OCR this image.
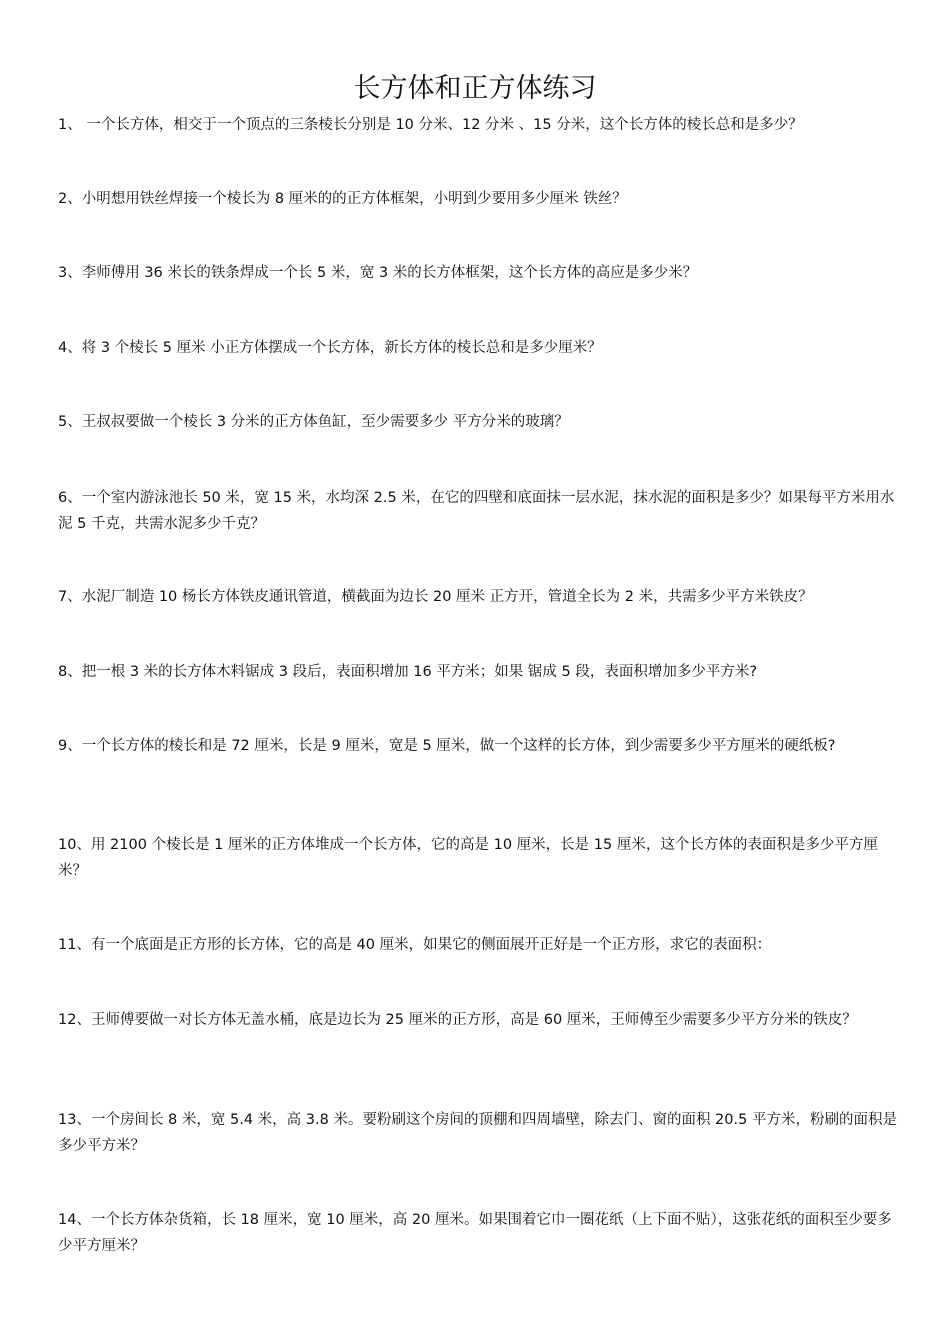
长方体和正方体练习
1、 一个长方体，相交于一个顶点的三条棱长分别是 10 分米、12 分米 、15 分米，这个长方体的棱长总和是多少？
2、小明想用铁丝焊接一个棱长为 8 厘米的的正方体框架，小明到少要用多少厘米 铁丝？
3、李师傅用 36 米长的铁条焊成一个长 5 米，宽 3 米的长方体框架，这个长方体的高应是多少米？
4、将 3 个棱长 5 厘米 小正方体摆成一个长方体，新长方体的棱长总和是多少厘米？
5、王叔叔要做一个棱长 3 分米的正方体鱼缸，至少需要多少 平方分米的玻璃？
6、一个室内游泳池长 50 米，宽 15 米，水均深 2.5 米，在它的四壁和底面抹一层水泥，抹水泥的面积是多少？如果每平方米用水泥 5 千克，共需水泥多少千克？
7、水泥厂制造 10 杨长方体铁皮通讯管道，横截面为边长 20 厘米 正方开，管道全长为 2 米，共需多少平方米铁皮？
8、把一根 3 米的长方体木料锯成 3 段后，表面积增加 16 平方米；如果 锯成 5 段，表面积增加多少平方米?
9、一个长方体的棱长和是 72 厘米，长是 9 厘米，宽是 5 厘米，做一个这样的长方体，到少需要多少平方厘米的硬纸板?
10、用 2100 个棱长是 1 厘米的正方体堆成一个长方体，它的高是 10 厘米，长是 15 厘米，这个长方体的表面积是多少平方厘米？
11、有一个底面是正方形的长方体，它的高是 40 厘米，如果它的侧面展开正好是一个正方形，求它的表面积：
12、王师傅要做一对长方体无盖水桶，底是边长为 25 厘米的正方形，高是 60 厘米，王师傅至少需要多少平方分米的铁皮？
13、一个房间长 8 米，宽 5.4 米，高 3.8 米。要粉刷这个房间的顶棚和四周墙壁，除去门、窗的面积 20.5 平方米，粉刷的面积是多少平方米？
14、一个长方体杂货箱，长 18 厘米，宽 10 厘米，高 20 厘米。如果围着它巾一圈花纸（上下面不贴），这张花纸的面积至少要多少平方厘米？
